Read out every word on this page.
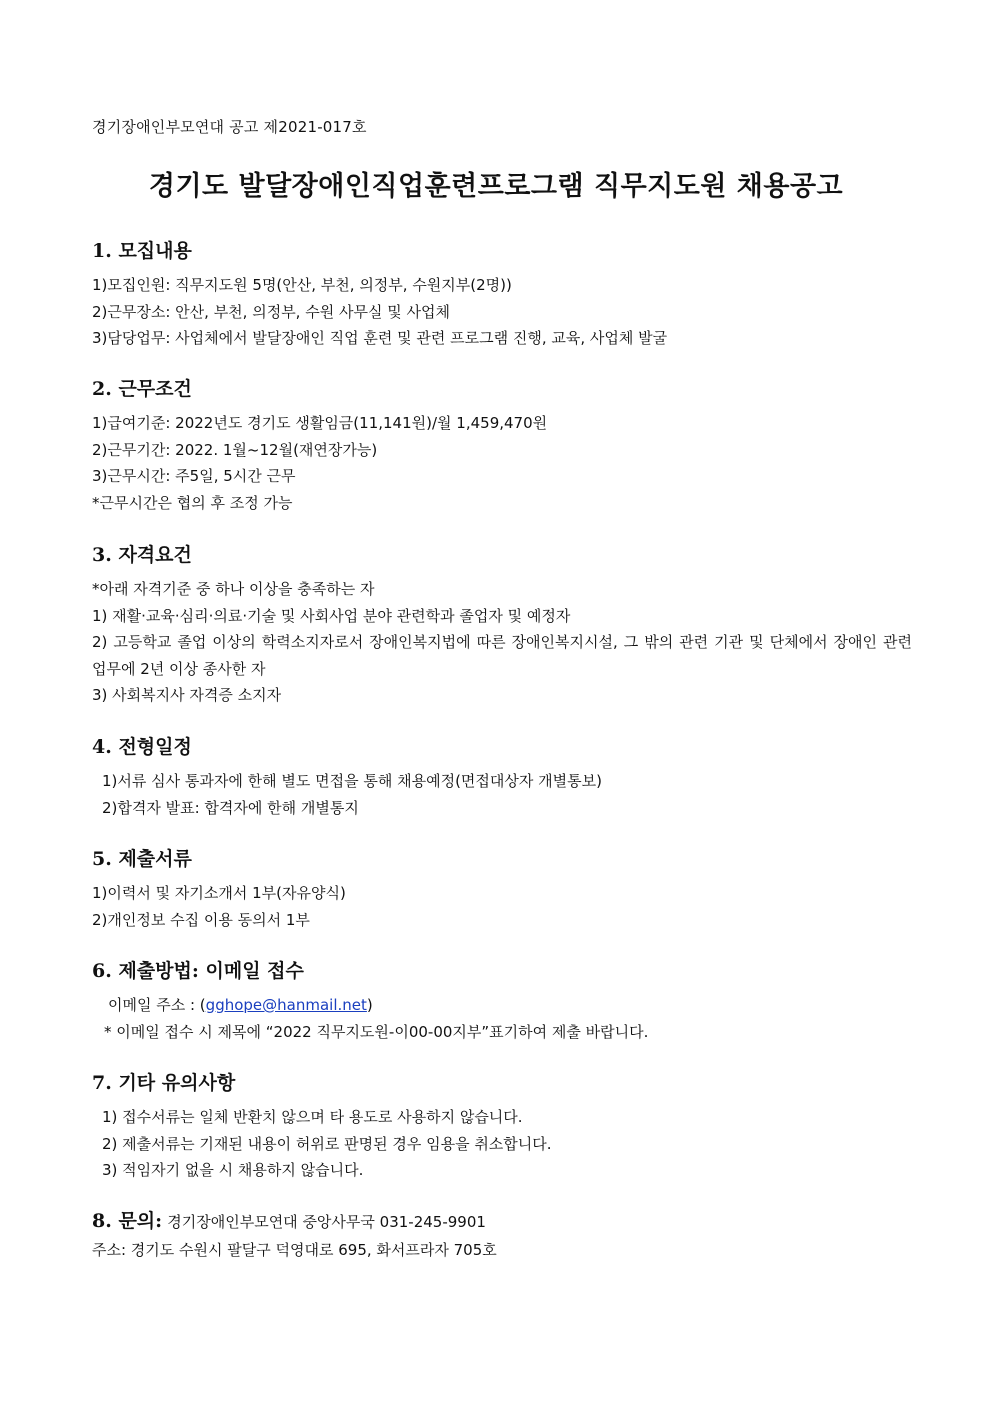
경기장애인부모연대 공고 제2021-017호
경기도 발달장애인직업훈련프로그램 직무지도원 채용공고
1. 모집내용
1)모집인원: 직무지도원 5명(안산, 부천, 의정부, 수원지부(2명))
2)근무장소: 안산, 부천, 의정부, 수원 사무실 및 사업체
3)담당업무: 사업체에서 발달장애인 직업 훈련 및 관련 프로그램 진행, 교육, 사업체 발굴
2. 근무조건
1)급여기준: 2022년도 경기도 생활임금(11,141원)/월 1,459,470원
2)근무기간: 2022. 1월~12월(재연장가능)
3)근무시간: 주5일, 5시간 근무
*근무시간은 협의 후 조정 가능
3. 자격요건
*아래 자격기준 중 하나 이상을 충족하는 자
1) 재활·교육·심리·의료·기술 및 사회사업 분야 관련학과 졸업자 및 예정자
2) 고등학교 졸업 이상의 학력소지자로서 장애인복지법에 따른 장애인복지시설, 그 밖의 관련 기관 및 단체에서 장애인 관련 업무에 2년 이상 종사한 자
3) 사회복지사 자격증 소지자
4. 전형일정
1)서류 심사 통과자에 한해 별도 면접을 통해 채용예정(면접대상자 개별통보)
2)합격자 발표: 합격자에 한해 개별통지
5. 제출서류
1)이력서 및 자기소개서 1부(자유양식)
2)개인정보 수집 이용 동의서 1부
6. 제출방법: 이메일 접수
이메일 주소 : (gghope@hanmail.net)
* 이메일 접수 시 제목에 “2022 직무지도원-이00-00지부”표기하여 제출 바랍니다.
7. 기타 유의사항
1) 접수서류는 일체 반환치 않으며 타 용도로 사용하지 않습니다.
2) 제출서류는 기재된 내용이 허위로 판명된 경우 임용을 취소합니다.
3) 적임자기 없을 시 채용하지 않습니다.
8. 문의: 경기장애인부모연대 중앙사무국 031-245-9901
주소: 경기도 수원시 팔달구 덕영대로 695, 화서프라자 705호
